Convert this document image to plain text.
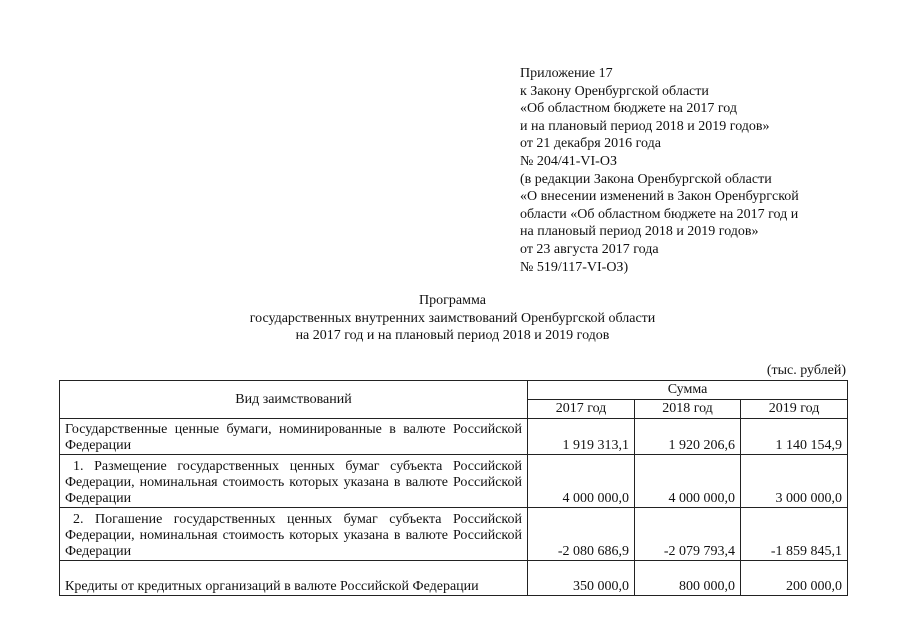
Приложение 17
к Закону Оренбургской области
«Об областном бюджете на 2017 год
и на плановый период 2018 и 2019 годов»
от 21 декабря 2016 года
№ 204/41-VI-ОЗ
(в редакции Закона Оренбургской области
«О внесении изменений в Закон Оренбургской
области «Об областном бюджете на 2017 год и
на плановый период 2018 и 2019 годов»
от 23 августа 2017 года
№ 519/117-VI-ОЗ)
Программа
государственных внутренних заимствований Оренбургской области
на 2017 год и на плановый период 2018 и 2019 годов
(тыс. рублей)
Вид заимствований	Сумма		
	2017 год	2018 год	2019 год
Государственные ценные бумаги, номинированные в валюте Российской Федерации	1 919 313,1	1 920 206,6	1 140 154,9
1. Размещение государственных ценных бумаг субъекта Российской Федерации, номинальная стоимость которых указана в валюте Российской Федерации	4 000 000,0	4 000 000,0	3 000 000,0
2. Погашение государственных ценных бумаг субъекта Российской Федерации, номинальная стоимость которых указана в валюте Российской Федерации	-2 080 686,9	-2 079 793,4	-1 859 845,1
Кредиты от кредитных организаций в валюте Российской Федерации	350 000,0	800 000,0	200 000,0
